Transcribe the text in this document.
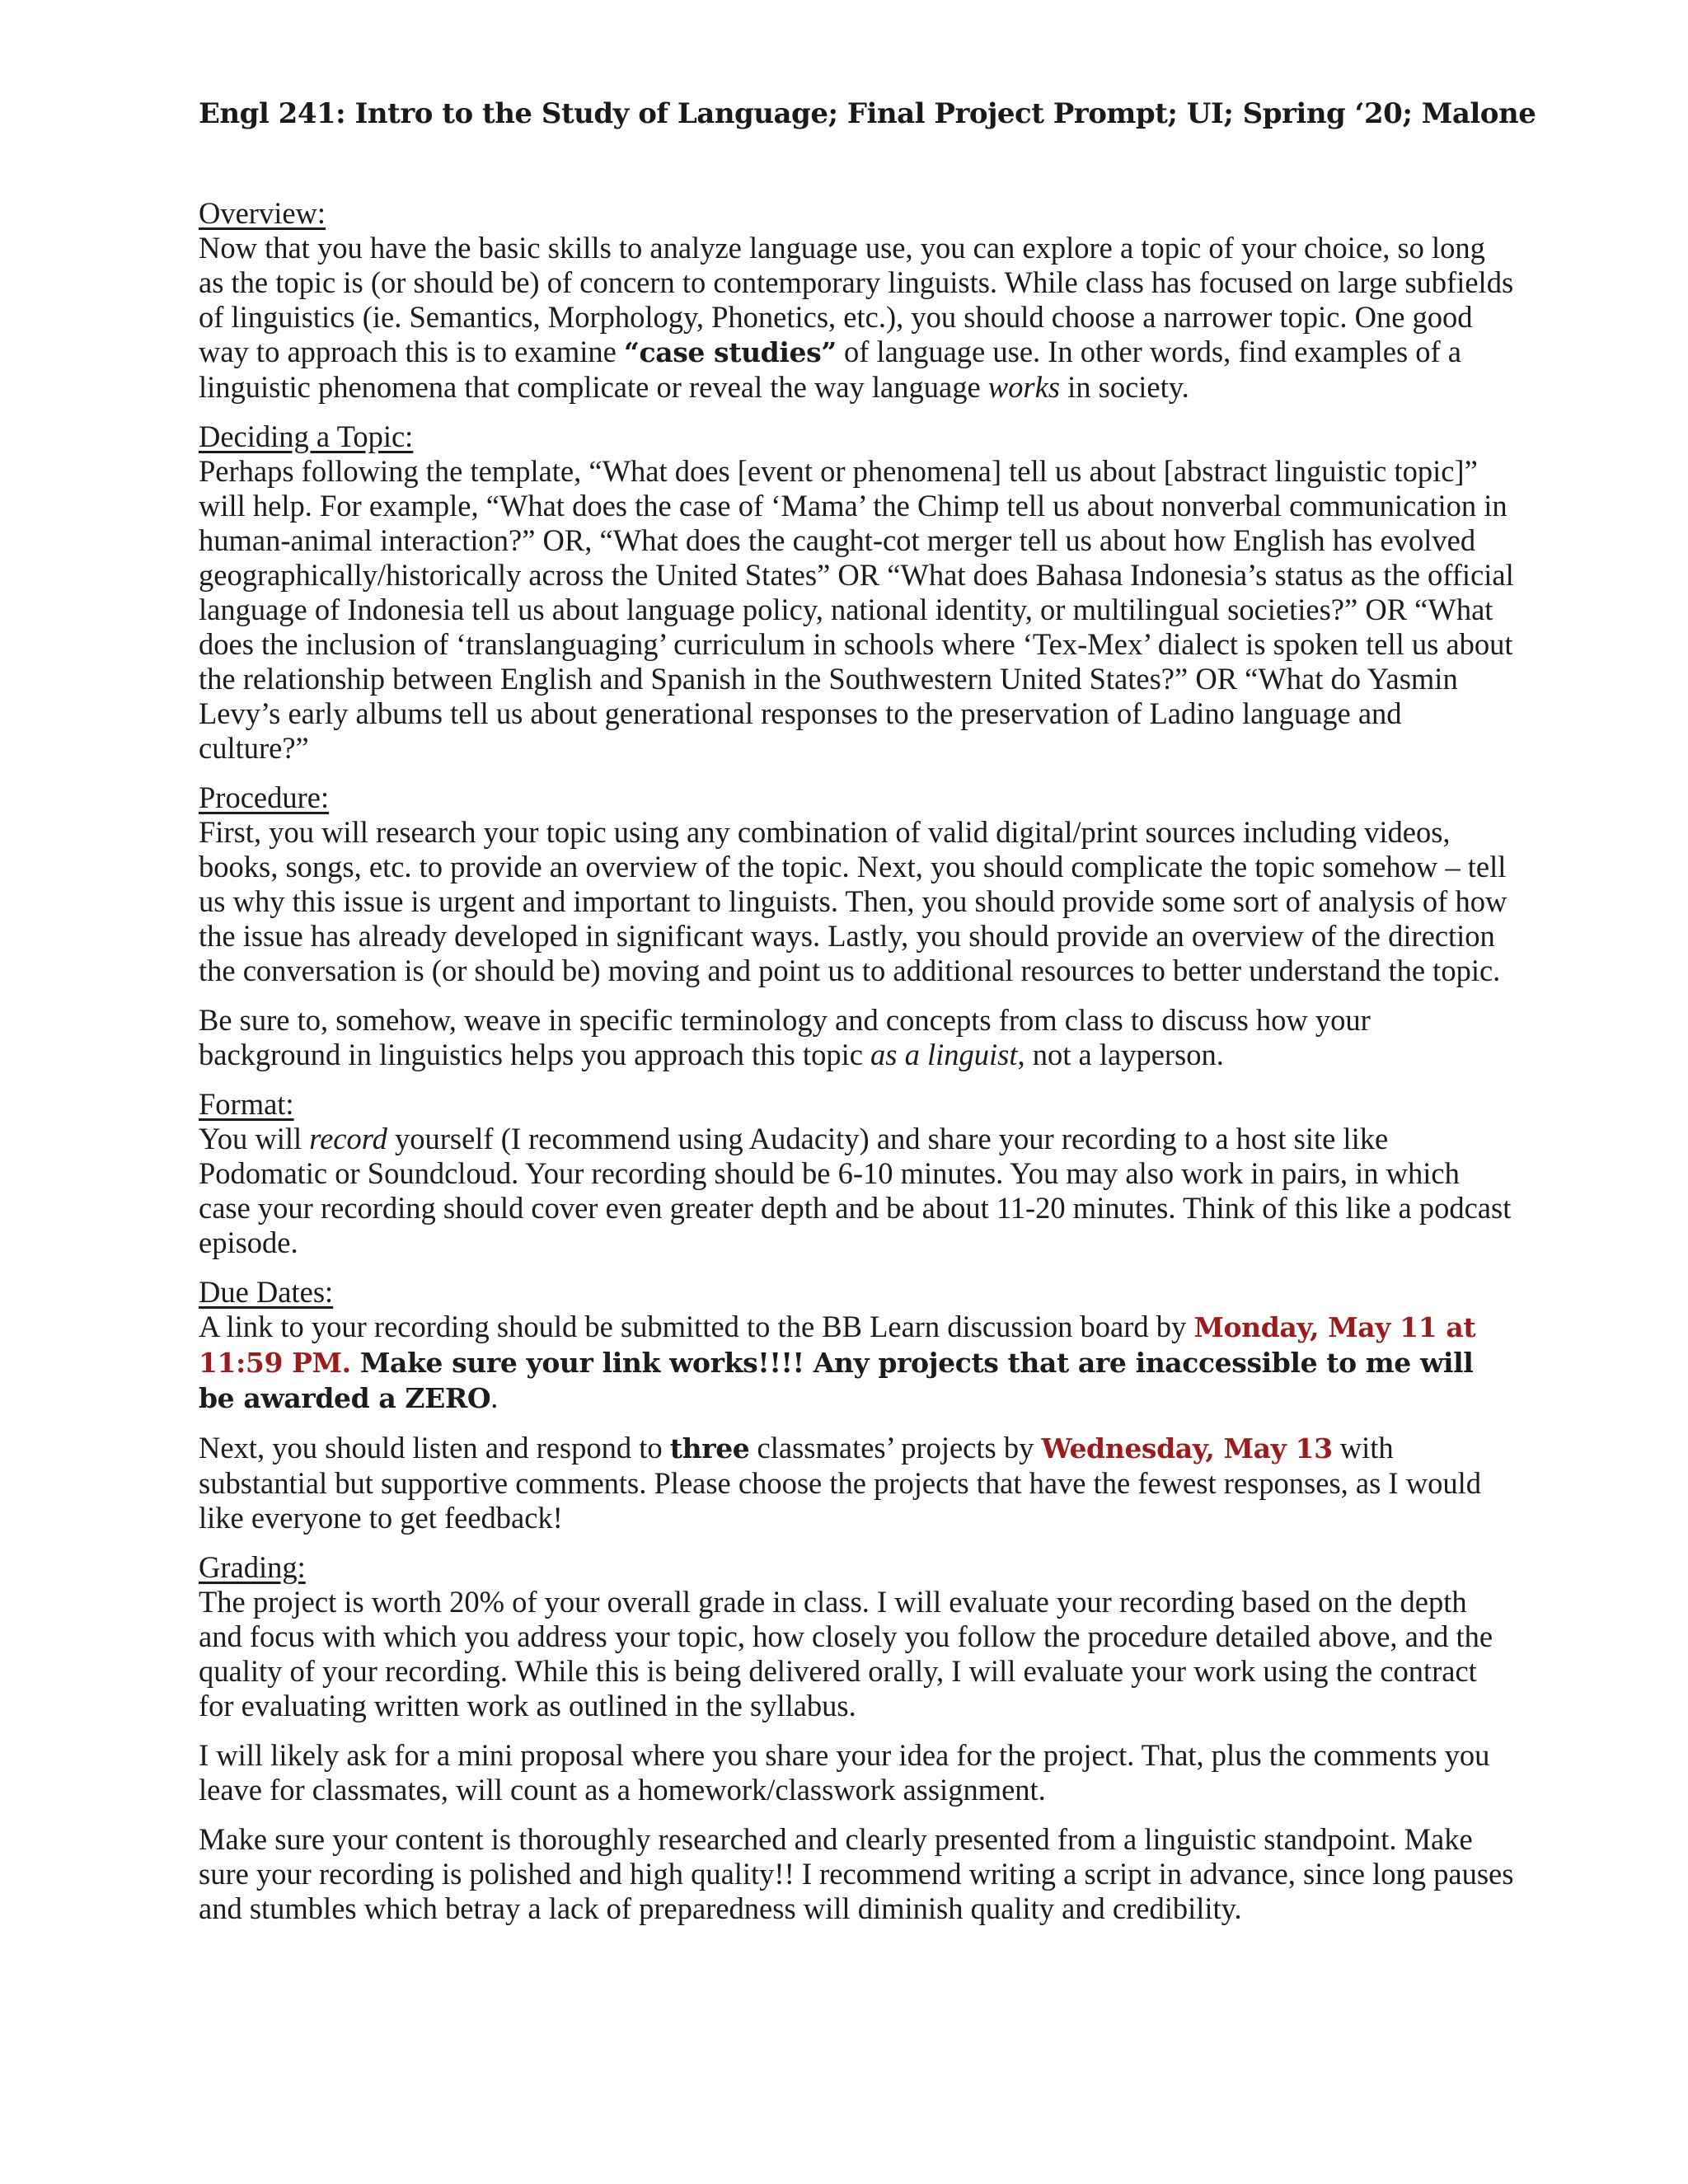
Engl 241: Intro to the Study of Language; Final Project Prompt; UI; Spring ‘20; Malone

Overview:
Now that you have the basic skills to analyze language use, you can explore a topic of your choice, so long as the topic is (or should be) of concern to contemporary linguists. While class has focused on large subfields of linguistics (ie. Semantics, Morphology, Phonetics, etc.), you should choose a narrower topic. One good way to approach this is to examine “case studies” of language use. In other words, find examples of a linguistic phenomena that complicate or reveal the way language works in society.

Deciding a Topic:
Perhaps following the template, “What does [event or phenomena] tell us about [abstract linguistic topic]” will help. For example, “What does the case of ‘Mama’ the Chimp tell us about nonverbal communication in human-animal interaction?” OR, “What does the caught-cot merger tell us about how English has evolved geographically/historically across the United States” OR “What does Bahasa Indonesia’s status as the official language of Indonesia tell us about language policy, national identity, or multilingual societies?” OR “What does the inclusion of ‘translanguaging’ curriculum in schools where ‘Tex-Mex’ dialect is spoken tell us about the relationship between English and Spanish in the Southwestern United States?” OR “What do Yasmin Levy’s early albums tell us about generational responses to the preservation of Ladino language and culture?”

Procedure:
First, you will research your topic using any combination of valid digital/print sources including videos, books, songs, etc. to provide an overview of the topic. Next, you should complicate the topic somehow – tell us why this issue is urgent and important to linguists. Then, you should provide some sort of analysis of how the issue has already developed in significant ways. Lastly, you should provide an overview of the direction the conversation is (or should be) moving and point us to additional resources to better understand the topic.

Be sure to, somehow, weave in specific terminology and concepts from class to discuss how your background in linguistics helps you approach this topic as a linguist, not a layperson.

Format:
You will record yourself (I recommend using Audacity) and share your recording to a host site like Podomatic or Soundcloud. Your recording should be 6-10 minutes. You may also work in pairs, in which case your recording should cover even greater depth and be about 11-20 minutes. Think of this like a podcast episode.

Due Dates:
A link to your recording should be submitted to the BB Learn discussion board by Monday, May 11 at 11:59 PM. Make sure your link works!!!! Any projects that are inaccessible to me will be awarded a ZERO.

Next, you should listen and respond to three classmates’ projects by Wednesday, May 13 with substantial but supportive comments. Please choose the projects that have the fewest responses, as I would like everyone to get feedback!

Grading:
The project is worth 20% of your overall grade in class. I will evaluate your recording based on the depth and focus with which you address your topic, how closely you follow the procedure detailed above, and the quality of your recording. While this is being delivered orally, I will evaluate your work using the contract for evaluating written work as outlined in the syllabus.

I will likely ask for a mini proposal where you share your idea for the project. That, plus the comments you leave for classmates, will count as a homework/classwork assignment.

Make sure your content is thoroughly researched and clearly presented from a linguistic standpoint. Make sure your recording is polished and high quality!! I recommend writing a script in advance, since long pauses and stumbles which betray a lack of preparedness will diminish quality and credibility.
